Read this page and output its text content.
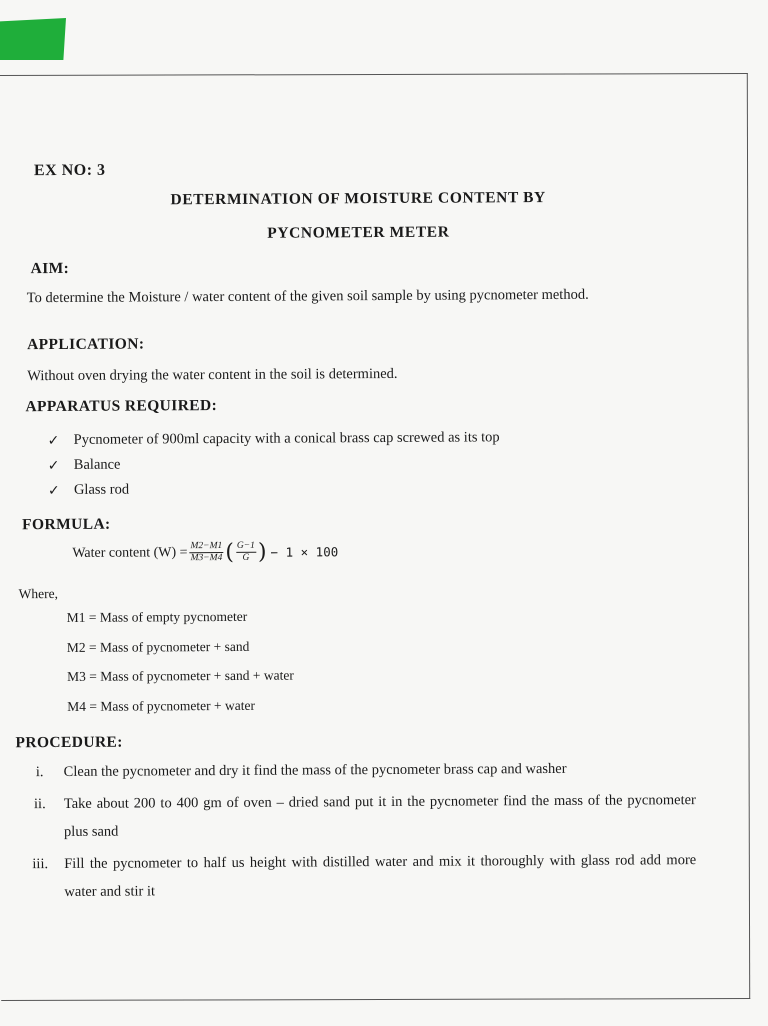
EX NO: 3
DETERMINATION OF MOISTURE CONTENT BY
PYCNOMETER METER
AIM:
To determine the Moisture / water content of the given soil sample by using pycnometer method.
APPLICATION:
Without oven drying the water content in the soil is determined.
APPARATUS REQUIRED:
✓ Pycnometer of 900ml capacity with a conical brass cap screwed as its top
✓ Balance
✓ Glass rod
FORMULA:
Water content $(W) = \frac{M2-M1}{M3-M4}$ ( $\frac{G-1}{G}$ ) − 1 × 100
Where,
M1 = Mass of empty pycnometer
M2 = Mass of pycnometer + sand
M3 = Mass of pycnometer + sand + water
M4 = Mass of pycnometer + water
PROCEDURE:
i.	Clean the pycnometer and dry it find the mass of the pycnometer brass cap and washer
ii.	Take about 200 to 400 gm of oven – dried sand put it in the pycnometer find the mass of the pycnometer plus sand
iii.	Fill the pycnometer to half us height with distilled water and mix it thoroughly with glass rod add more water and stir it
